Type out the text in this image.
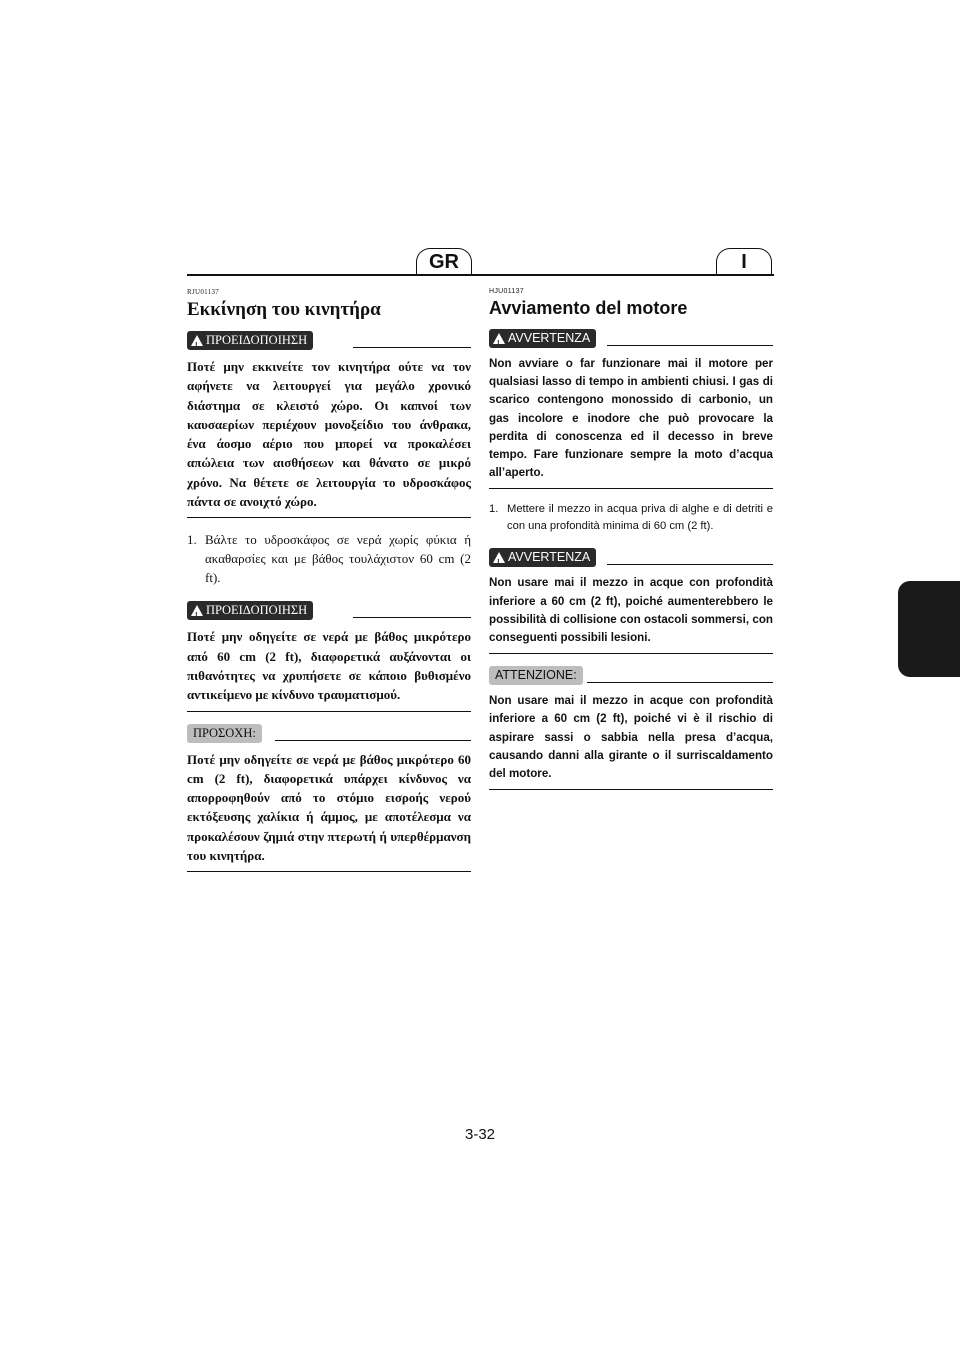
GR	I
RJU01137
Εκκίνηση του κινητήρα
!
ΠΡΟΕΙΔΟΠΟΙΗΣΗ

Ποτέ μην εκκινείτε τον κινητήρα ούτε να τον αφήνετε να λειτουργεί για μεγάλο χρονικό διάστημα σε κλειστό χώρο. Οι καπνοί των καυσαερίων περιέχουν μονοξείδιο του άνθρακα, ένα άοσμο αέριο που μπορεί να προκαλέσει απώλεια των αισθήσεων και θάνατο σε μικρό χρόνο. Να θέτετε σε λειτουργία το υδροσκάφος πάντα σε ανοιχτό χώρο.

1. Βάλτε το υδροσκάφος σε νερά χωρίς φύκια ή ακαθαρσίες και με βάθος τουλάχιστον 60 cm (2 ft).
!
ΠΡΟΕΙΔΟΠΟΙΗΣΗ

Ποτέ μην οδηγείτε σε νερά με βάθος μικρότερο από 60 cm (2 ft), διαφορετικά αυξάνονται οι πιθανότητες να χρυπήσετε σε κάποιο βυθισμένο αντικείμενο με κίνδυνο τραυματισμού.

ΠΡΟΣΟΧΗ:

Ποτέ μην οδηγείτε σε νερά με βάθος μικρότερο 60 cm (2 ft), διαφορετικά υπάρχει κίνδυνος να απορροφηθούν από το στόμιο εισροής νερού εκτόξευσης χαλίκια ή άμμος, με αποτέλεσμα να προκαλέσουν ζημιά στην πτερωτή ή υπερθέρμανση του κινητήρα.

HJU01137
Avviamento del motore
!
AVVERTENZA

Non avviare o far funzionare mai il motore per qualsiasi lasso di tempo in ambienti chiusi. I gas di scarico contengono monossido di carbonio, un gas incolore e inodore che può provocare la perdita di conoscenza ed il decesso in breve tempo. Fare funzionare sempre la moto d’acqua all’aperto.

1. Mettere il mezzo in acqua priva di alghe e di detriti e con una profondità minima di 60 cm (2 ft).
!
AVVERTENZA

Non usare mai il mezzo in acque con profondità inferiore a 60 cm (2 ft), poiché aumenterebbero le possibilità di collisione con ostacoli sommersi, con conseguenti possibili lesioni.

ATTENZIONE:

Non usare mai il mezzo in acque con profondità inferiore a 60 cm (2 ft), poiché vi è il rischio di aspirare sassi o sabbia nella presa d’acqua, causando danni alla girante o il surriscaldamento del motore.

3-32
